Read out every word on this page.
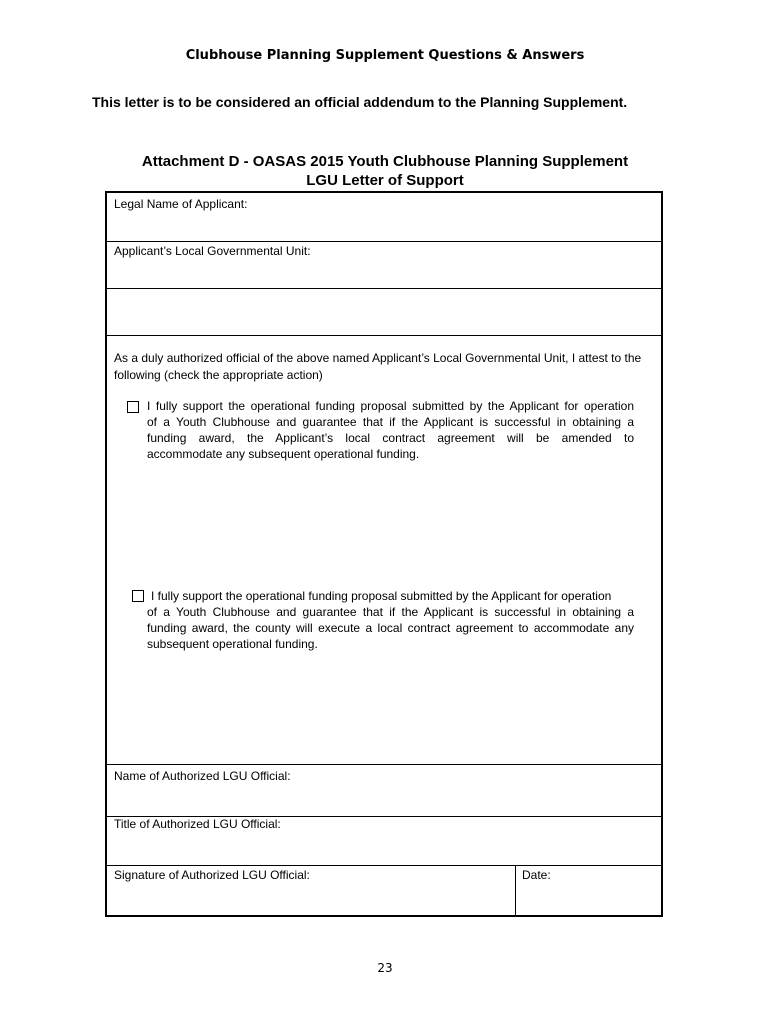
Clubhouse Planning Supplement Questions & Answers
This letter is to be considered an official addendum to the Planning Supplement.
Attachment D - OASAS 2015 Youth Clubhouse Planning Supplement
LGU Letter of Support
Legal Name of Applicant:
Applicant’s Local Governmental Unit:
As a duly authorized official of the above named Applicant’s Local Governmental Unit, I attest to the following (check the appropriate action)
I fully support the operational funding proposal submitted by the Applicant for operation
of a Youth Clubhouse and guarantee that if the Applicant is successful in obtaining a
funding award, the Applicant’s local contract agreement will be amended to
accommodate any subsequent operational funding.
I fully support the operational funding proposal submitted by the Applicant for operation
of a Youth Clubhouse and guarantee that if the Applicant is successful in obtaining a
funding award, the county will execute a local contract agreement to accommodate any
subsequent operational funding.
Name of Authorized LGU Official:
Title of Authorized LGU Official:
Signature of Authorized LGU Official:	Date:
23
